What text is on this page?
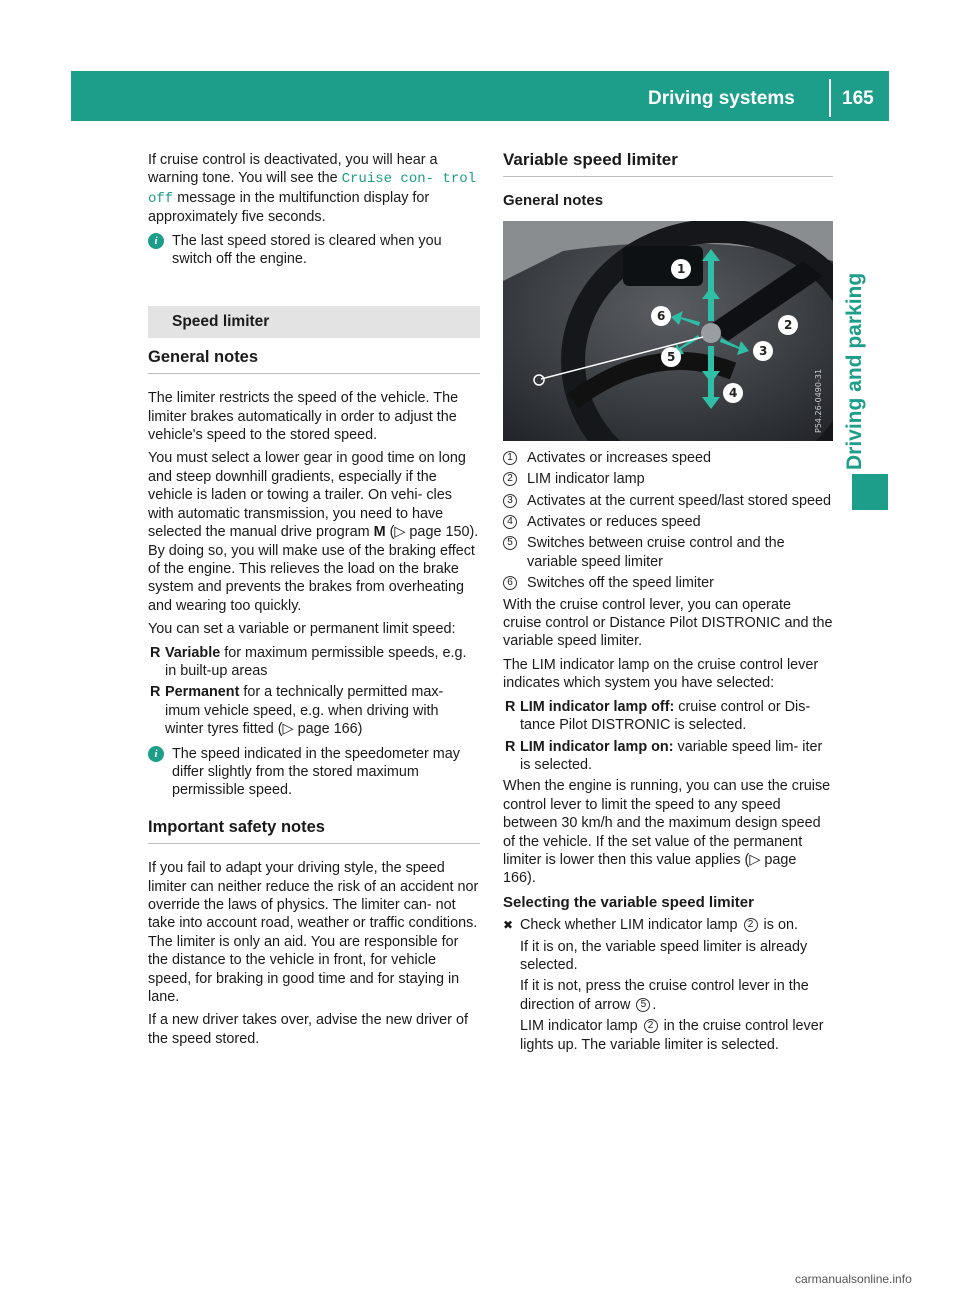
Driving systems 165
Driving and parking

If cruise control is deactivated, you will hear a warning tone. You will see the Cruise con‐ trol off message in the multifunction display for approximately five seconds.

i	The last speed stored is cleared when you switch off the engine.
Speed limiter
General notes

The limiter restricts the speed of the vehicle. The limiter brakes automatically in order to adjust the vehicle's speed to the stored speed.

You must select a lower gear in good time on long and steep downhill gradients, especially if the vehicle is laden or towing a trailer. On vehi‐ cles with automatic transmission, you need to have selected the manual drive program M (▷ page 150). By doing so, you will make use of the braking effect of the engine. This relieves the load on the brake system and prevents the brakes from overheating and wearing too quickly.

You can set a variable or permanent limit speed:

R Variable for maximum permissible speeds, e.g. in built-up areas
R Permanent for a technically permitted max‐ imum vehicle speed, e.g. when driving with winter tyres fitted (▷ page 166)
i	The speed indicated in the speedometer may differ slightly from the stored maximum permissible speed.
Important safety notes

If you fail to adapt your driving style, the speed limiter can neither reduce the risk of an accident nor override the laws of physics. The limiter can‐ not take into account road, weather or traffic conditions. The limiter is only an aid. You are responsible for the distance to the vehicle in front, for vehicle speed, for braking in good time and for staying in lane.

If a new driver takes over, advise the new driver of the speed stored.

Variable speed limiter
General notes
1
2
3
4
5
6
P54.26-0490-31
1 Activates or increases speed
2 LIM indicator lamp
3 Activates at the current speed/last stored speed
4 Activates or reduces speed
5 Switches between cruise control and the variable speed limiter
6 Switches off the speed limiter

With the cruise control lever, you can operate cruise control or Distance Pilot DISTRONIC and the variable speed limiter.

The LIM indicator lamp on the cruise control lever indicates which system you have selected:

R LIM indicator lamp off: cruise control or Dis‐ tance Pilot DISTRONIC is selected.
R LIM indicator lamp on: variable speed lim‐ iter is selected.

When the engine is running, you can use the cruise control lever to limit the speed to any speed between 30 km/h and the maximum design speed of the vehicle. If the set value of the permanent limiter is lower then this value applies (▷ page 166).

Selecting the variable speed limiter
✖ Check whether LIM indicator lamp 2 is on.
If it is on, the variable speed limiter is already selected.
If it is not, press the cruise control lever in the direction of arrow 5 .
LIM indicator lamp 2 in the cruise control lever lights up. The variable limiter is selected.
carmanualsonline.info
